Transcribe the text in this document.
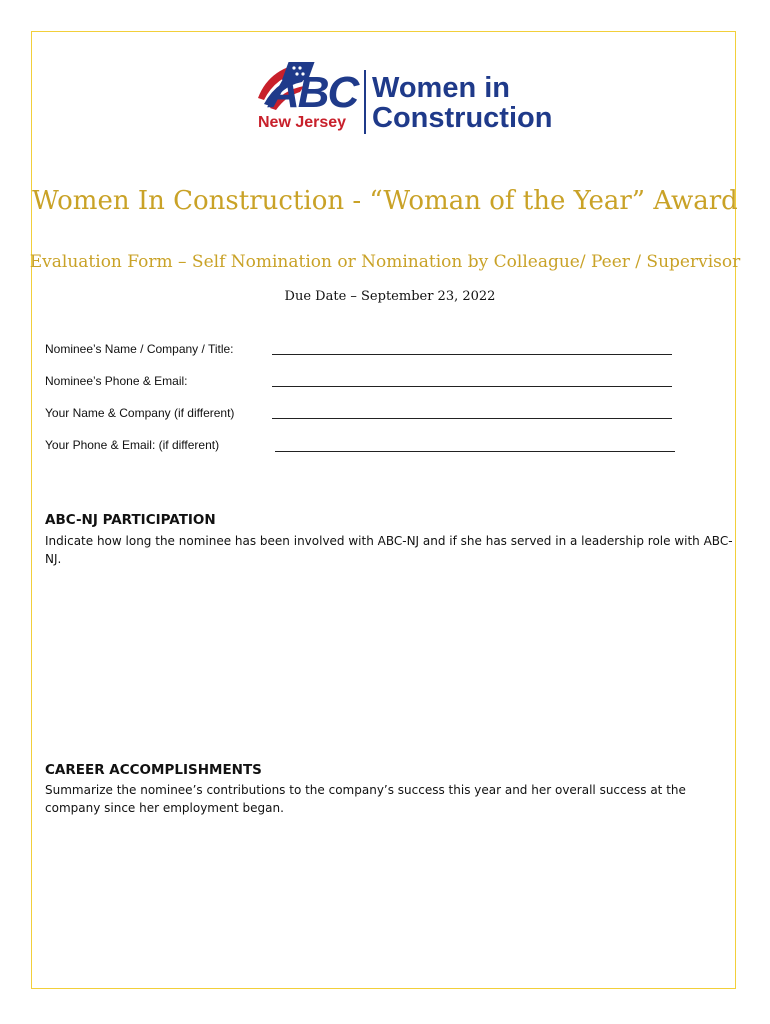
ABC
New Jersey
Women in
Construction
Women In Construction - “Woman of the Year” Award
Evaluation Form – Self Nomination or Nomination by Colleague/ Peer / Supervisor
Due Date – September 23, 2022
Nominee’s Name / Company / Title:
Nominee’s Phone & Email:
Your Name & Company (if different)
Your Phone & Email: (if different)
ABC-NJ PARTICIPATION
Indicate how long the nominee has been involved with ABC-NJ and if she has served in a leadership role with ABC-NJ.
CAREER ACCOMPLISHMENTS
Summarize the nominee’s contributions to the company’s success this year and her overall success at the company since her employment began.
